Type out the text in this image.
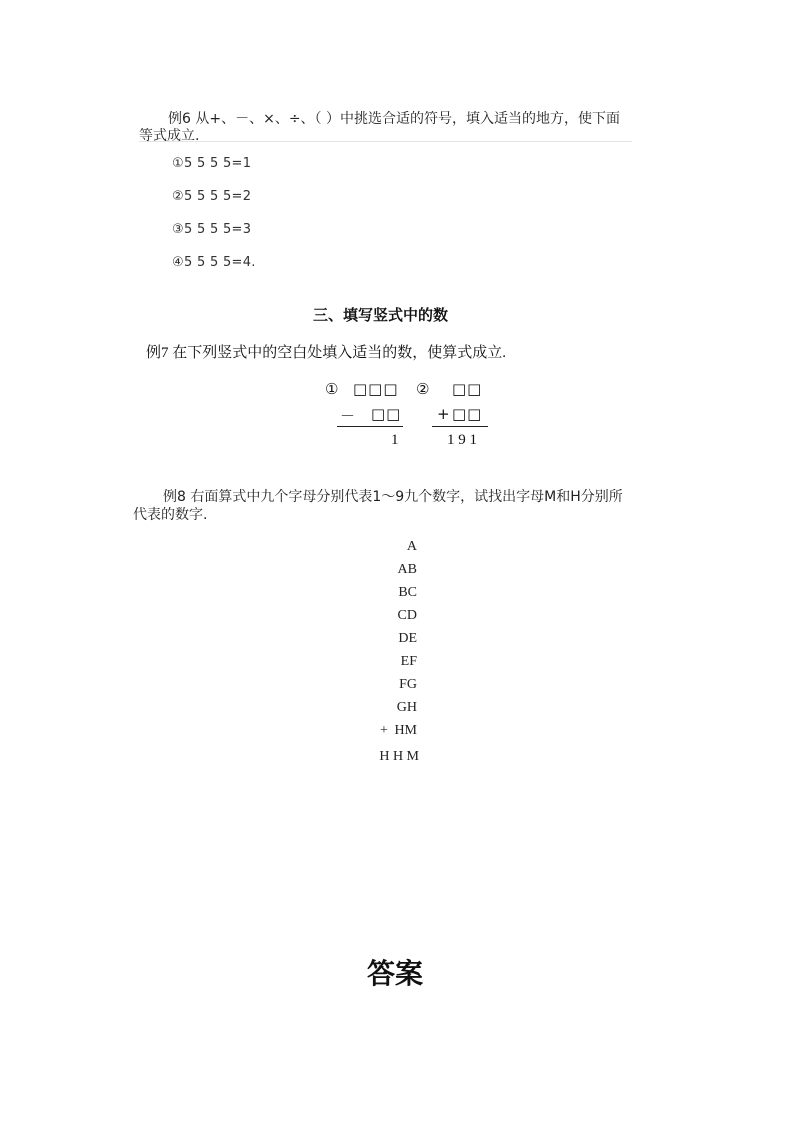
例6 从+、－、×、÷、（ ）中挑选合适的符号，填入适当的地方，使下面
等式成立.
①5 5 5 5=1
②5 5 5 5=2
③5 5 5 5=3
④5 5 5 5=4.
三、填写竖式中的数
例7 在下列竖式中的空白处填入适当的数，使算式成立.
① □□□
－ □□
1
② □□
+ □□
1 9 1
例8 右面算式中九个字母分别代表1～9九个数字，试找出字母M和H分别所
代表的数字.
A
AB
BC
CD
DE
EF
FG
GH
+ HM
H H M
答案
